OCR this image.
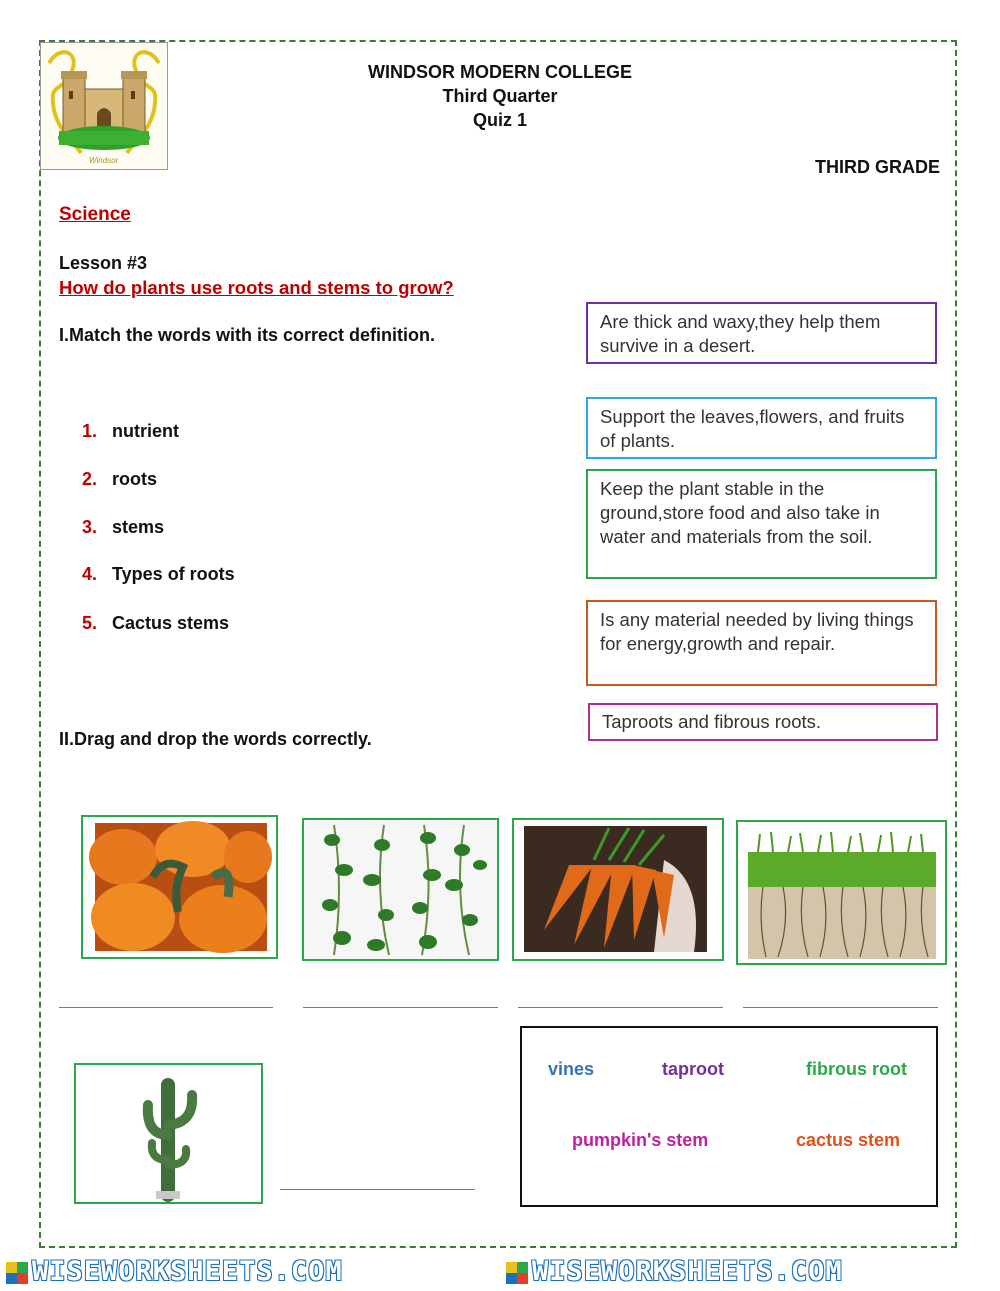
Windsor
WINDSOR MODERN COLLEGE
Third Quarter
Quiz 1
THIRD GRADE
Science
Lesson #3
How do plants use roots and stems to grow?
I.Match the words with its correct definition.
1. nutrient
2. roots
3. stems
4. Types of roots
5. Cactus stems
Are thick and waxy,they help them survive in a desert.
Support the leaves,flowers, and fruits of plants.
Keep the plant stable in the ground,store food and also take in water and materials from the soil.
Is any material needed by living things for energy,growth and repair.
Taproots and fibrous roots.
II.Drag and drop the words correctly.
vines	taproot	fibrous root
pumpkin's stem	cactus stem
WISEWORKSHEETS.COM	WISEWORKSHEETS.COM
